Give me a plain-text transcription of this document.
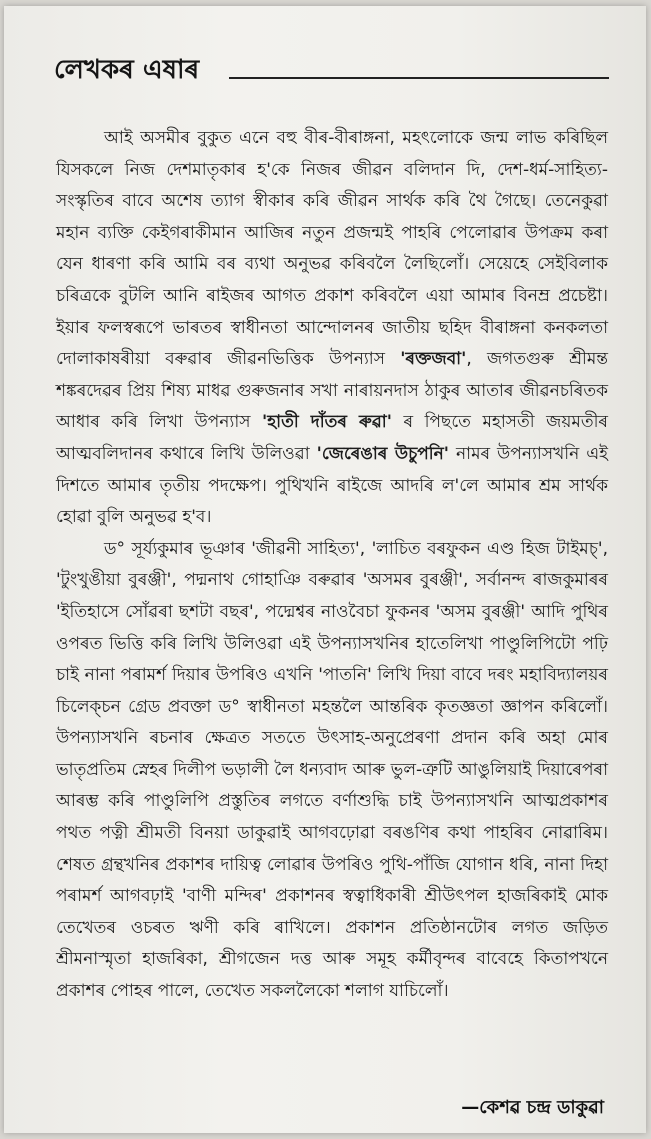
লেখকৰ এষাৰ

আই অসমীৰ বুকুত এনে বহু বীৰ-বীৰাঙ্গনা, মহৎলোকে জন্ম লাভ কৰিছিল যিসকলে নিজ দেশমাতৃকাৰ হ'কে নিজৰ জীৱন বলিদান দি, দেশ-ধৰ্ম-সাহিত্য-সংস্কৃতিৰ বাবে অশেষ ত্যাগ স্বীকাৰ কৰি জীৱন সাৰ্থক কৰি থৈ গৈছে। তেনেকুৱা মহান ব্যক্তি কেইগৰাকীমান আজিৰ নতুন প্ৰজন্মই পাহৰি পেলোৱাৰ উপক্ৰম কৰা যেন ধাৰণা কৰি আমি বৰ ব্যথা অনুভৱ কৰিবলৈ লৈছিলোঁ। সেয়েহে সেইবিলাক চৰিত্ৰকে বুটলি আনি ৰাইজৰ আগত প্ৰকাশ কৰিবলৈ এয়া আমাৰ বিনম্ৰ প্ৰচেষ্টা। ইয়াৰ ফলস্বৰূপে ভাৰতৰ স্বাধীনতা আন্দোলনৰ জাতীয় ছহিদ বীৰাঙ্গনা কনকলতা দোলাকাষৰীয়া বৰুৱাৰ জীৱনভিত্তিক উপন্যাস 'ৰক্তজবা', জগতগুৰু শ্ৰীমন্ত শঙ্কৰদেৱৰ প্ৰিয় শিষ্য মাধৱ গুৰুজনাৰ সখা নাৰায়নদাস ঠাকুৰ আতাৰ জীৱনচৰিতক আধাৰ কৰি লিখা উপন্যাস 'হাতী দাঁতৰ ৰুৱা' ৰ পিছতে মহাসতী জয়মতীৰ আত্মবলিদানৰ কথাৰে লিখি উলিওৱা 'জেৰেঙাৰ উচুপনি' নামৰ উপন্যাসখনি এই দিশতে আমাৰ তৃতীয় পদক্ষেপ। পুথিখনি ৰাইজে আদৰি ল'লে আমাৰ শ্ৰম সাৰ্থক হোৱা বুলি অনুভৱ হ'ব।

ড° সূৰ্য্যকুমাৰ ভূঞাৰ 'জীৱনী সাহিত্য', 'লাচিত বৰফুকন এণ্ড হিজ টাইমচ্', 'টুংখুঙীয়া বুৰঞ্জী', পদ্মনাথ গোহাঞি বৰুৱাৰ 'অসমৰ বুৰঞ্জী', সৰ্বানন্দ ৰাজকুমাৰৰ 'ইতিহাসে সোঁৱৰা ছশটা বছৰ', পদ্মেশ্বৰ নাওবৈচা ফুকনৰ 'অসম বুৰঞ্জী' আদি পুথিৰ ওপৰত ভিত্তি কৰি লিখি উলিওৱা এই উপন্যাসখনিৰ হাতেলিখা পাণ্ডুলিপিটো পঢ়ি চাই নানা পৰামৰ্শ দিয়াৰ উপৰিও এখনি 'পাতনি' লিখি দিয়া বাবে দৰং মহাবিদ্যালয়ৰ চিলেক্চন গ্ৰেড প্ৰবক্তা ড° স্বাধীনতা মহন্তলৈ আন্তৰিক কৃতজ্ঞতা জ্ঞাপন কৰিলোঁ। উপন্যাসখনি ৰচনাৰ ক্ষেত্ৰত সততে উৎসাহ-অনুপ্ৰেৰণা প্ৰদান কৰি অহা মোৰ ভাতৃপ্ৰতিম স্নেহৰ দিলীপ ভড়ালী লৈ ধন্যবাদ আৰু ভুল-ত্ৰুটি আঙুলিয়াই দিয়াৰেপৰা আৰম্ভ কৰি পাণ্ডুলিপি প্ৰস্তুতিৰ লগতে বৰ্ণাশুদ্ধি চাই উপন্যাসখনি আত্মপ্ৰকাশৰ পথত পত্নী শ্ৰীমতী বিনয়া ডাকুৱাই আগবঢ়োৱা বৰঙণিৰ কথা পাহৰিব নোৱাৰিম। শেষত গ্ৰন্থখনিৰ প্ৰকাশৰ দায়িত্ব লোৱাৰ উপৰিও পুথি-পাঁজি যোগান ধৰি, নানা দিহা পৰামৰ্শ আগবঢ়াই 'বাণী মন্দিৰ' প্ৰকাশনৰ স্বত্বাধিকাৰী শ্ৰীউৎপল হাজৰিকাই মোক তেখেতৰ ওচৰত ঋণী কৰি ৰাখিলে। প্ৰকাশন প্ৰতিষ্ঠানটোৰ লগত জড়িত শ্ৰীমনাস্মৃতা হাজৰিকা, শ্ৰীগজেন দত্ত আৰু সমূহ কৰ্মীবৃন্দৰ বাবেহে কিতাপখনে প্ৰকাশৰ পোহৰ পালে, তেখেত সকললৈকো শলাগ যাচিলোঁ।

—কেশৱ চন্দ্ৰ ডাকুৱা
